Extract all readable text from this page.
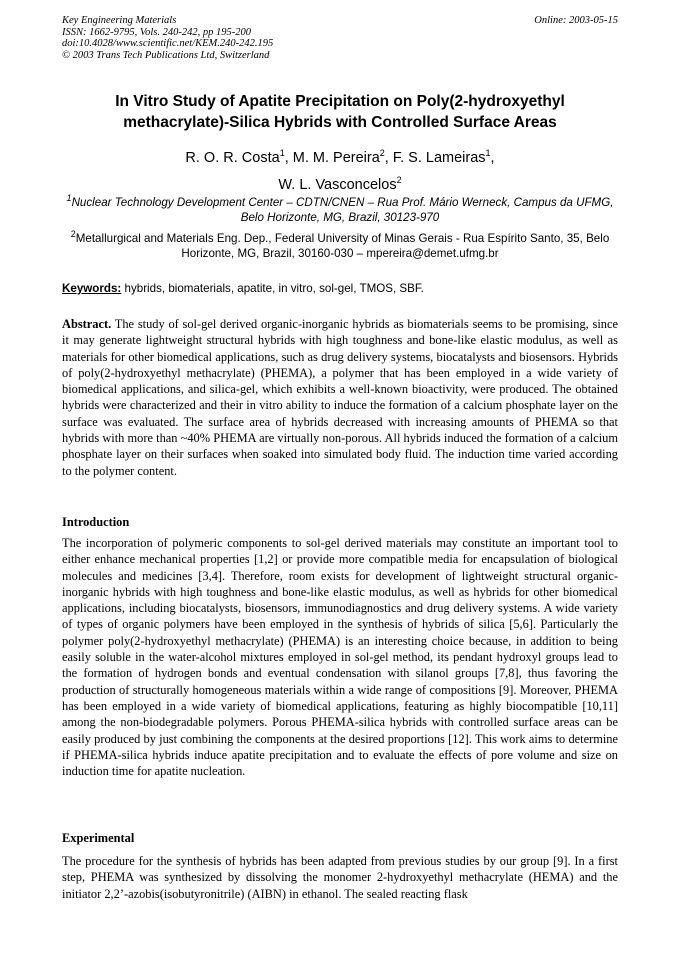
Key Engineering Materials
ISSN: 1662-9795, Vols. 240-242, pp 195-200
doi:10.4028/www.scientific.net/KEM.240-242.195
© 2003 Trans Tech Publications Ltd, Switzerland
Online: 2003-05-15
In Vitro Study of Apatite Precipitation on Poly(2-hydroxyethyl
methacrylate)-Silica Hybrids with Controlled Surface Areas
R. O. R. Costa$^1$, M. M. Pereira$^2$, F. S. Lameiras$^1$,
W. L. Vasconcelos$^2$
$^1$Nuclear Technology Development Center – CDTN/CNEN – Rua Prof. Mário Werneck, Campus da UFMG, Belo Horizonte, MG, Brazil, 30123-970
$^2$Metallurgical and Materials Eng. Dep., Federal University of Minas Gerais - Rua Espírito Santo, 35, Belo Horizonte, MG, Brazil, 30160-030 – mpereira@demet.ufmg.br
Keywords: hybrids, biomaterials, apatite, in vitro, sol-gel, TMOS, SBF.

Abstract. The study of sol-gel derived organic-inorganic hybrids as biomaterials seems to be promising, since it may generate lightweight structural hybrids with high toughness and bone-like elastic modulus, as well as materials for other biomedical applications, such as drug delivery systems, biocatalysts and biosensors. Hybrids of poly(2-hydroxyethyl methacrylate) (PHEMA), a polymer that has been employed in a wide variety of biomedical applications, and silica-gel, which exhibits a well-known bioactivity, were produced. The obtained hybrids were characterized and their in vitro ability to induce the formation of a calcium phosphate layer on the surface was evaluated. The surface area of hybrids decreased with increasing amounts of PHEMA so that hybrids with more than ~40% PHEMA are virtually non-porous. All hybrids induced the formation of a calcium phosphate layer on their surfaces when soaked into simulated body fluid. The induction time varied according to the polymer content.

Introduction

The incorporation of polymeric components to sol-gel derived materials may constitute an important tool to either enhance mechanical properties [1,2] or provide more compatible media for encapsulation of biological molecules and medicines [3,4]. Therefore, room exists for development of lightweight structural organic-inorganic hybrids with high toughness and bone-like elastic modulus, as well as hybrids for other biomedical applications, including biocatalysts, biosensors, immunodiagnostics and drug delivery systems. A wide variety of types of organic polymers have been employed in the synthesis of hybrids of silica [5,6]. Particularly the polymer poly(2-hydroxyethyl methacrylate) (PHEMA) is an interesting choice because, in addition to being easily soluble in the water-alcohol mixtures employed in sol-gel method, its pendant hydroxyl groups lead to the formation of hydrogen bonds and eventual condensation with silanol groups [7,8], thus favoring the production of structurally homogeneous materials within a wide range of compositions [9]. Moreover, PHEMA has been employed in a wide variety of biomedical applications, featuring as highly biocompatible [10,11] among the non-biodegradable polymers. Porous PHEMA-silica hybrids with controlled surface areas can be easily produced by just combining the components at the desired proportions [12]. This work aims to determine if PHEMA-silica hybrids induce apatite precipitation and to evaluate the effects of pore volume and size on induction time for apatite nucleation.

Experimental

The procedure for the synthesis of hybrids has been adapted from previous studies by our group [9]. In a first step, PHEMA was synthesized by dissolving the monomer 2-hydroxyethyl methacrylate (HEMA) and the initiator 2,2’-azobis(isobutyronitrile) (AIBN) in ethanol. The sealed reacting flask
